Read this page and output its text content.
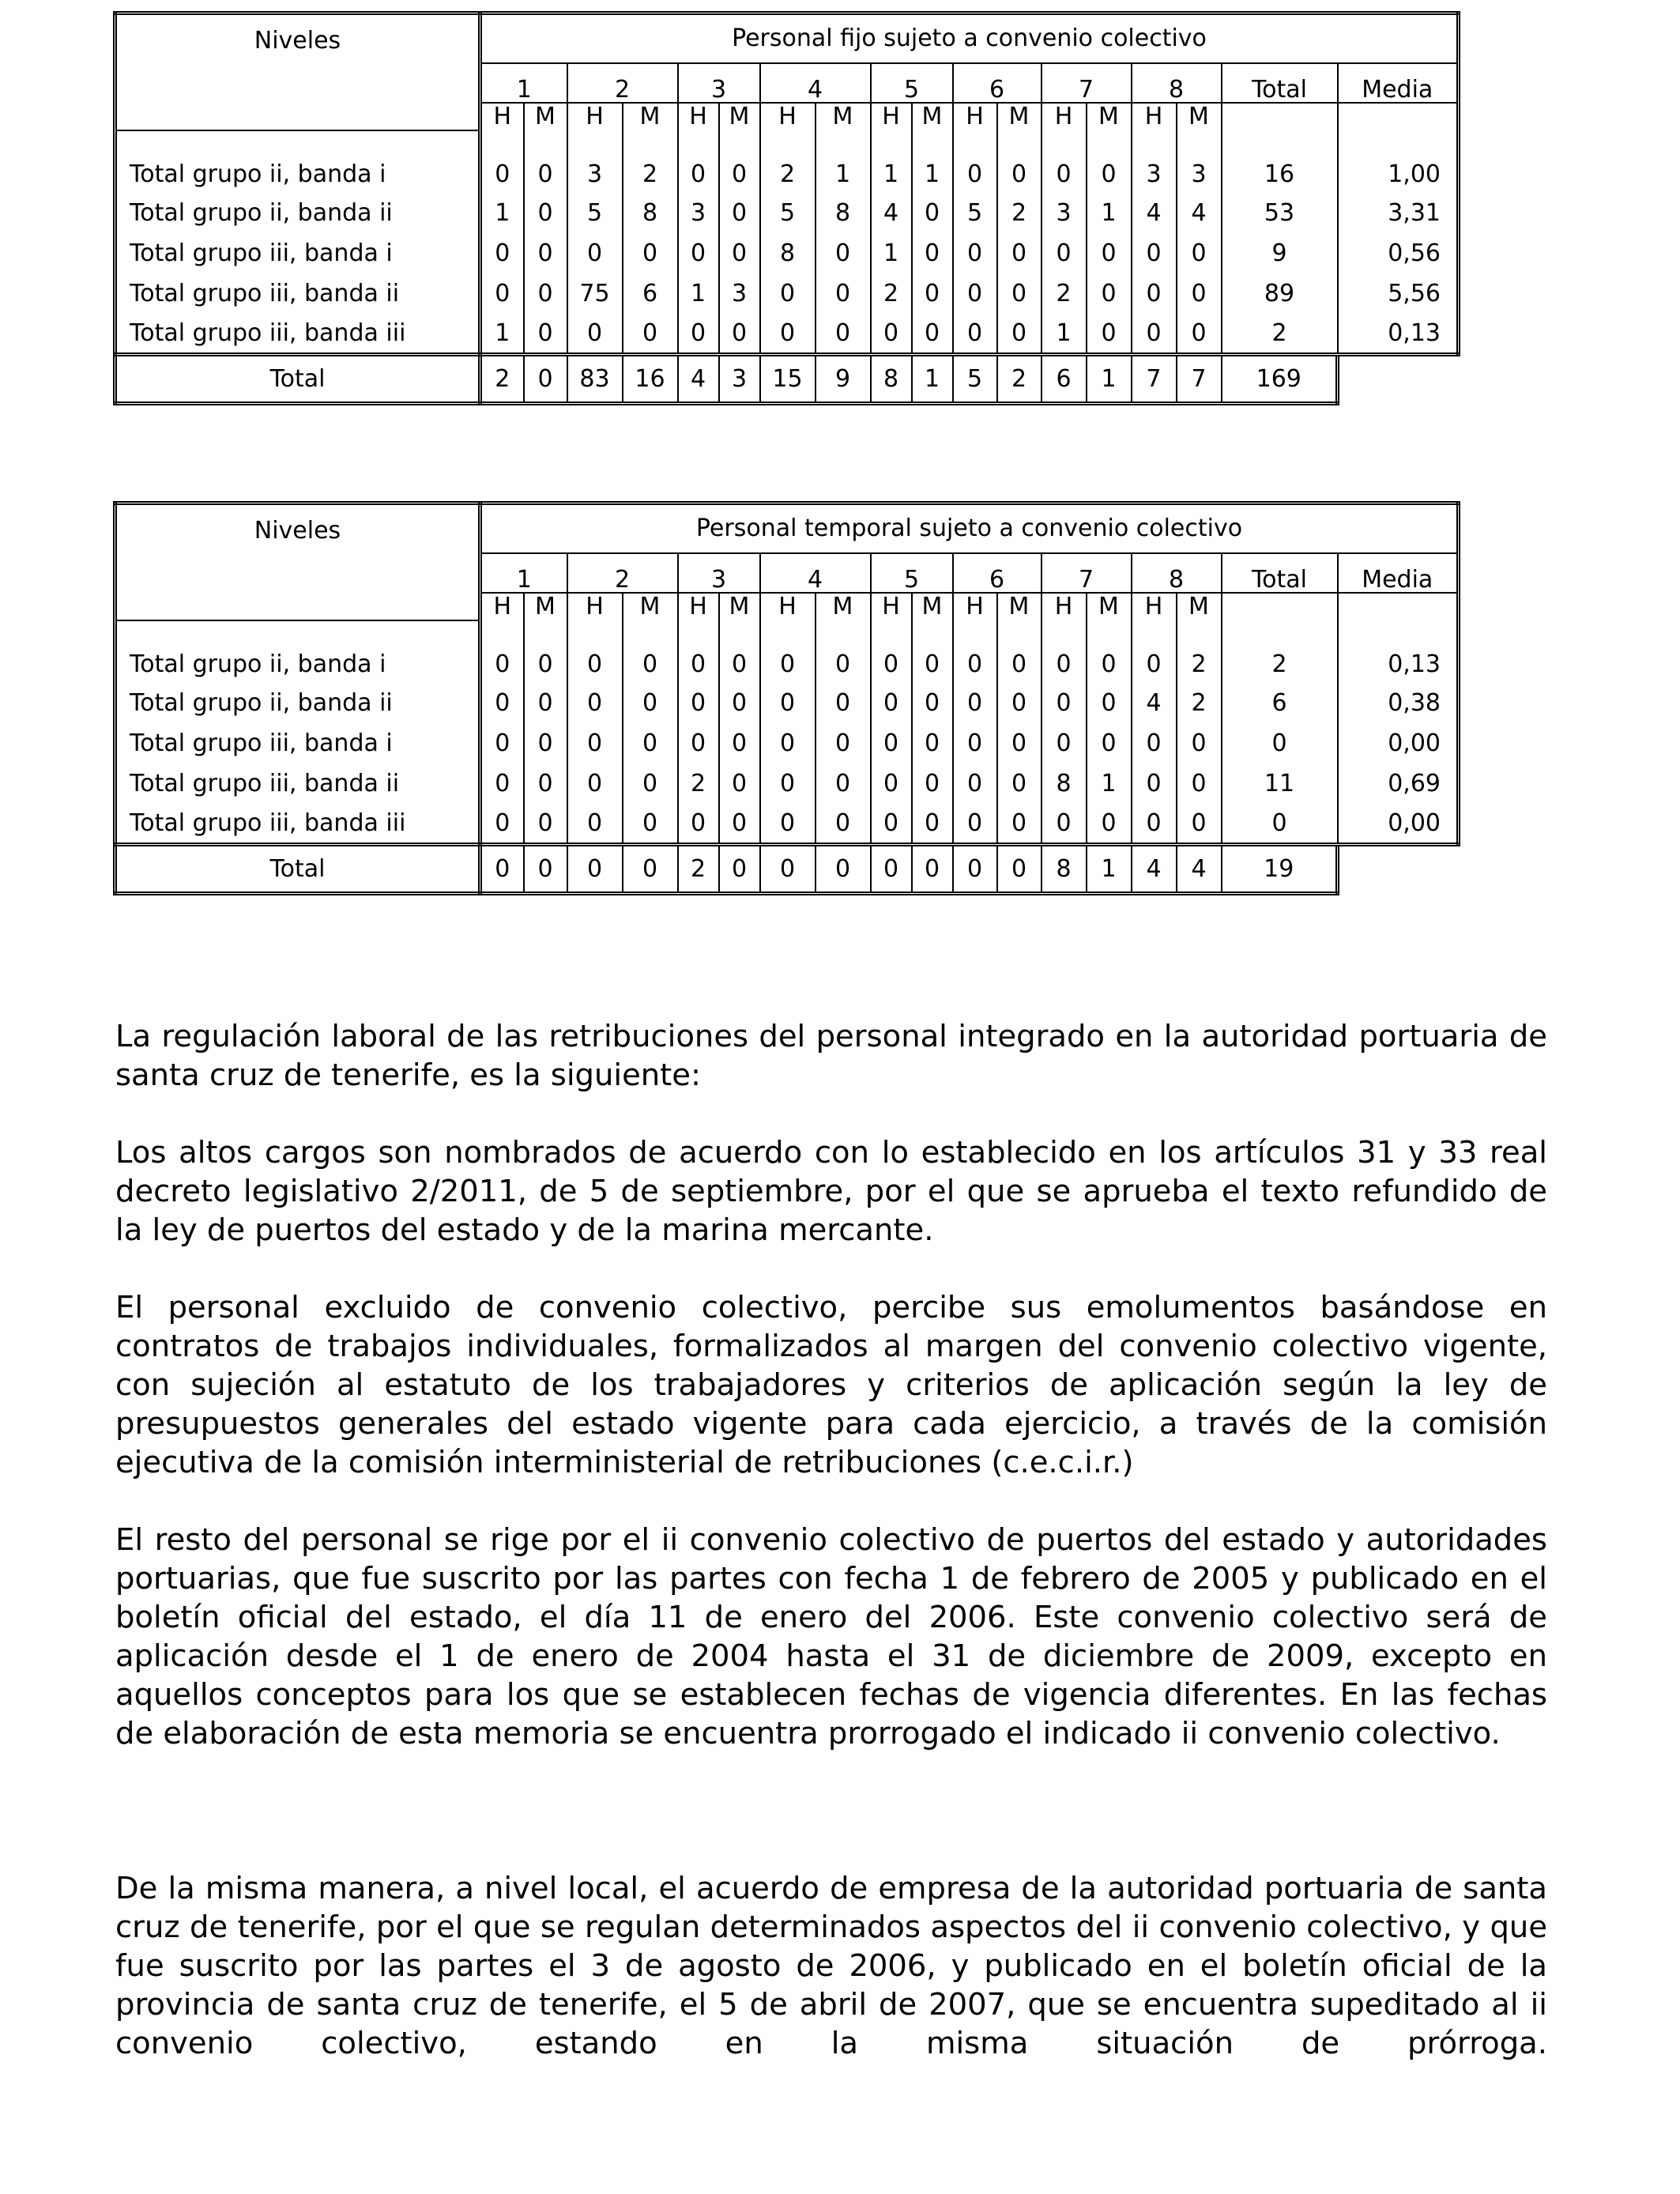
Niveles	Personal fijo sujeto a convenio colectivo																	
	1		2		3		4		5		6		7		8		Total	Media
	H	M	H	M	H	M	H	M	H	M	H	M	H	M	H	M		

Total grupo ii, banda i	0	0	3	2	0	0	2	1	1	1	0	0	0	0	3	3	16	1,00
Total grupo ii, banda ii	1	0	5	8	3	0	5	8	4	0	5	2	3	1	4	4	53	3,31
Total grupo iii, banda i	0	0	0	0	0	0	8	0	1	0	0	0	0	0	0	0	9	0,56
Total grupo iii, banda ii	0	0	75	6	1	3	0	0	2	0	0	0	2	0	0	0	89	5,56
Total grupo iii, banda iii	1	0	0	0	0	0	0	0	0	0	0	0	1	0	0	0	2	0,13
Total	2	0	83	16	4	3	15	9	8	1	5	2	6	1	7	7	169	
Niveles	Personal temporal sujeto a convenio colectivo																	
	1		2		3		4		5		6		7		8		Total	Media
	H	M	H	M	H	M	H	M	H	M	H	M	H	M	H	M		

Total grupo ii, banda i	0	0	0	0	0	0	0	0	0	0	0	0	0	0	0	2	2	0,13
Total grupo ii, banda ii	0	0	0	0	0	0	0	0	0	0	0	0	0	0	4	2	6	0,38
Total grupo iii, banda i	0	0	0	0	0	0	0	0	0	0	0	0	0	0	0	0	0	0,00
Total grupo iii, banda ii	0	0	0	0	2	0	0	0	0	0	0	0	8	1	0	0	11	0,69
Total grupo iii, banda iii	0	0	0	0	0	0	0	0	0	0	0	0	0	0	0	0	0	0,00
Total	0	0	0	0	2	0	0	0	0	0	0	0	8	1	4	4	19	

La regulación laboral de las retribuciones del personal integrado en la autoridad portuaria de santa cruz de tenerife, es la siguiente:

Los altos cargos son nombrados de acuerdo con lo establecido en los artículos 31 y 33 real decreto legislativo 2/2011, de 5 de septiembre, por el que se aprueba el texto refundido de la ley de puertos del estado y de la marina mercante.

El personal excluido de convenio colectivo, percibe sus emolumentos basándose en contratos de trabajos individuales, formalizados al margen del convenio colectivo vigente, con sujeción al estatuto de los trabajadores y criterios de aplicación según la ley de presupuestos generales del estado vigente para cada ejercicio, a través de la comisión ejecutiva de la comisión interministerial de retribuciones (c.e.c.i.r.)

El resto del personal se rige por el ii convenio colectivo de puertos del estado y autoridades portuarias, que fue suscrito por las partes con fecha 1 de febrero de 2005 y publicado en el boletín oficial del estado, el día 11 de enero del 2006. Este convenio colectivo será de aplicación desde el 1 de enero de 2004 hasta el 31 de diciembre de 2009, excepto en aquellos conceptos para los que se establecen fechas de vigencia diferentes. En las fechas de elaboración de esta memoria se encuentra prorrogado el indicado ii convenio colectivo.

De la misma manera, a nivel local, el acuerdo de empresa de la autoridad portuaria de santa cruz de tenerife, por el que se regulan determinados aspectos del ii convenio colectivo, y que fue suscrito por las partes el 3 de agosto de 2006, y publicado en el boletín oficial de la provincia de santa cruz de tenerife, el 5 de abril de 2007, que se encuentra supeditado al ii convenio colectivo, estando en la misma situación de prórroga.
